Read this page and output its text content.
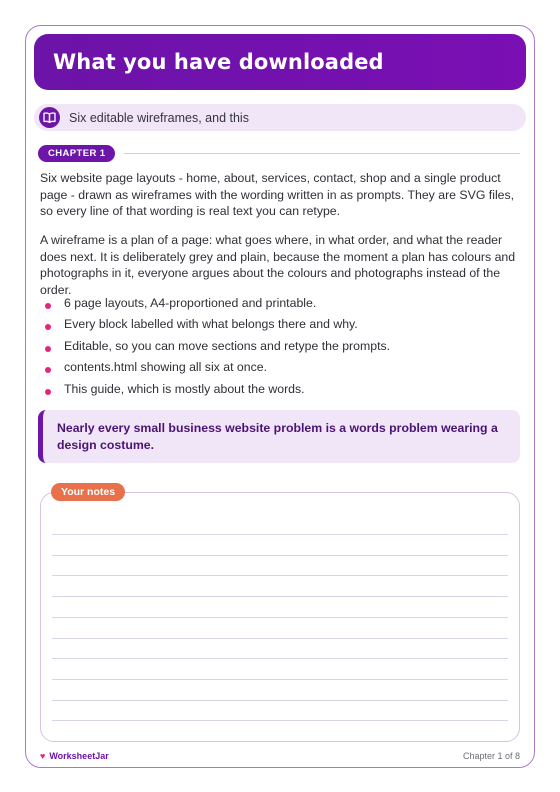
What you have downloaded
Six editable wireframes, and this
CHAPTER 1

Six website page layouts - home, about, services, contact, shop and a single product page - drawn as wireframes with the wording written in as prompts. They are SVG files, so every line of that wording is real text you can retype.

A wireframe is a plan of a page: what goes where, in what order, and what the reader does next. It is deliberately grey and plain, because the moment a plan has colours and photographs in it, everyone argues about the colours and photographs instead of the order.

6 page layouts, A4-proportioned and printable.
Every block labelled with what belongs there and why.
Editable, so you can move sections and retype the prompts.
contents.html showing all six at once.
This guide, which is mostly about the words.

Nearly every small business website problem is a words problem wearing a design costume.

Your notes
♥ WorksheetJar	Chapter 1 of 8
